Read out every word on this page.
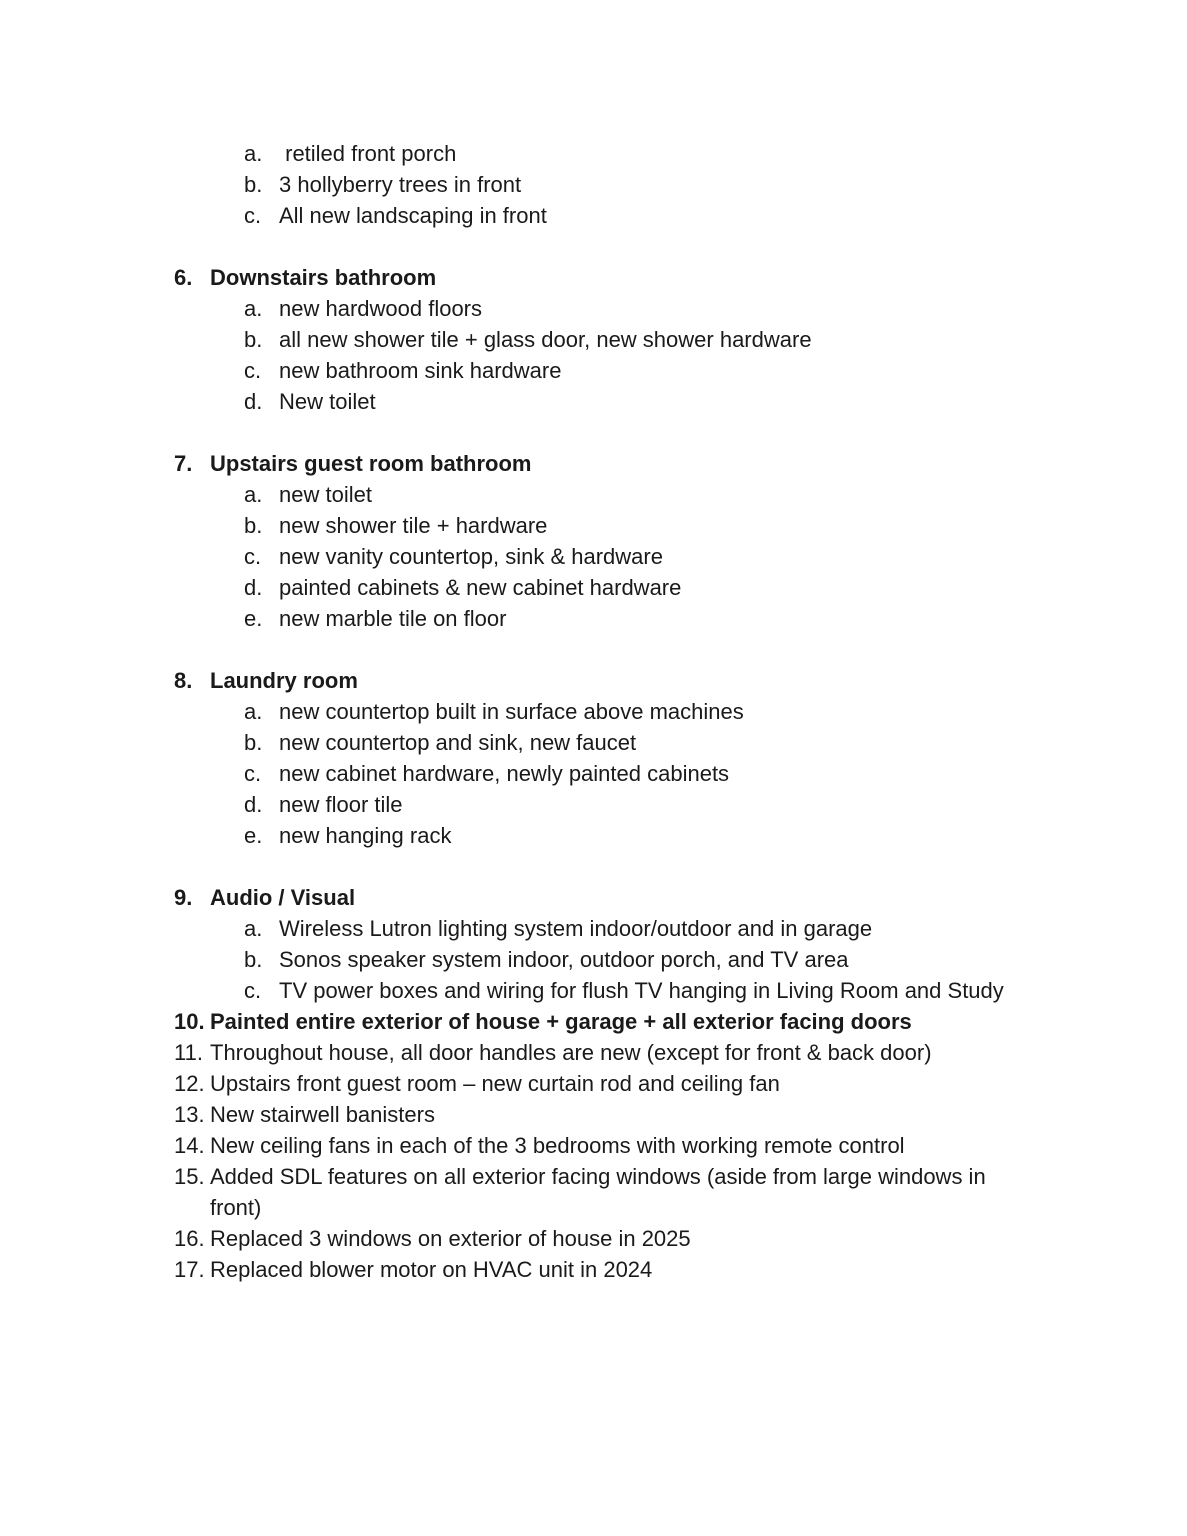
a. retiled front porch
b. 3 hollyberry trees in front
c. All new landscaping in front
6. Downstairs bathroom
a. new hardwood floors
b. all new shower tile + glass door, new shower hardware
c. new bathroom sink hardware
d. New toilet
7. Upstairs guest room bathroom
a. new toilet
b. new shower tile + hardware
c. new vanity countertop, sink & hardware
d. painted cabinets & new cabinet hardware
e. new marble tile on floor
8. Laundry room
a. new countertop built in surface above machines
b. new countertop and sink, new faucet
c. new cabinet hardware, newly painted cabinets
d. new floor tile
e. new hanging rack
9. Audio / Visual
a. Wireless Lutron lighting system indoor/outdoor and in garage
b. Sonos speaker system indoor, outdoor porch, and TV area
c. TV power boxes and wiring for flush TV hanging in Living Room and Study
10. Painted entire exterior of house + garage + all exterior facing doors
11. Throughout house, all door handles are new (except for front & back door)
12. Upstairs front guest room – new curtain rod and ceiling fan
13. New stairwell banisters
14. New ceiling fans in each of the 3 bedrooms with working remote control
15. Added SDL features on all exterior facing windows (aside from large windows in
front)
16. Replaced 3 windows on exterior of house in 2025
17. Replaced blower motor on HVAC unit in 2024
